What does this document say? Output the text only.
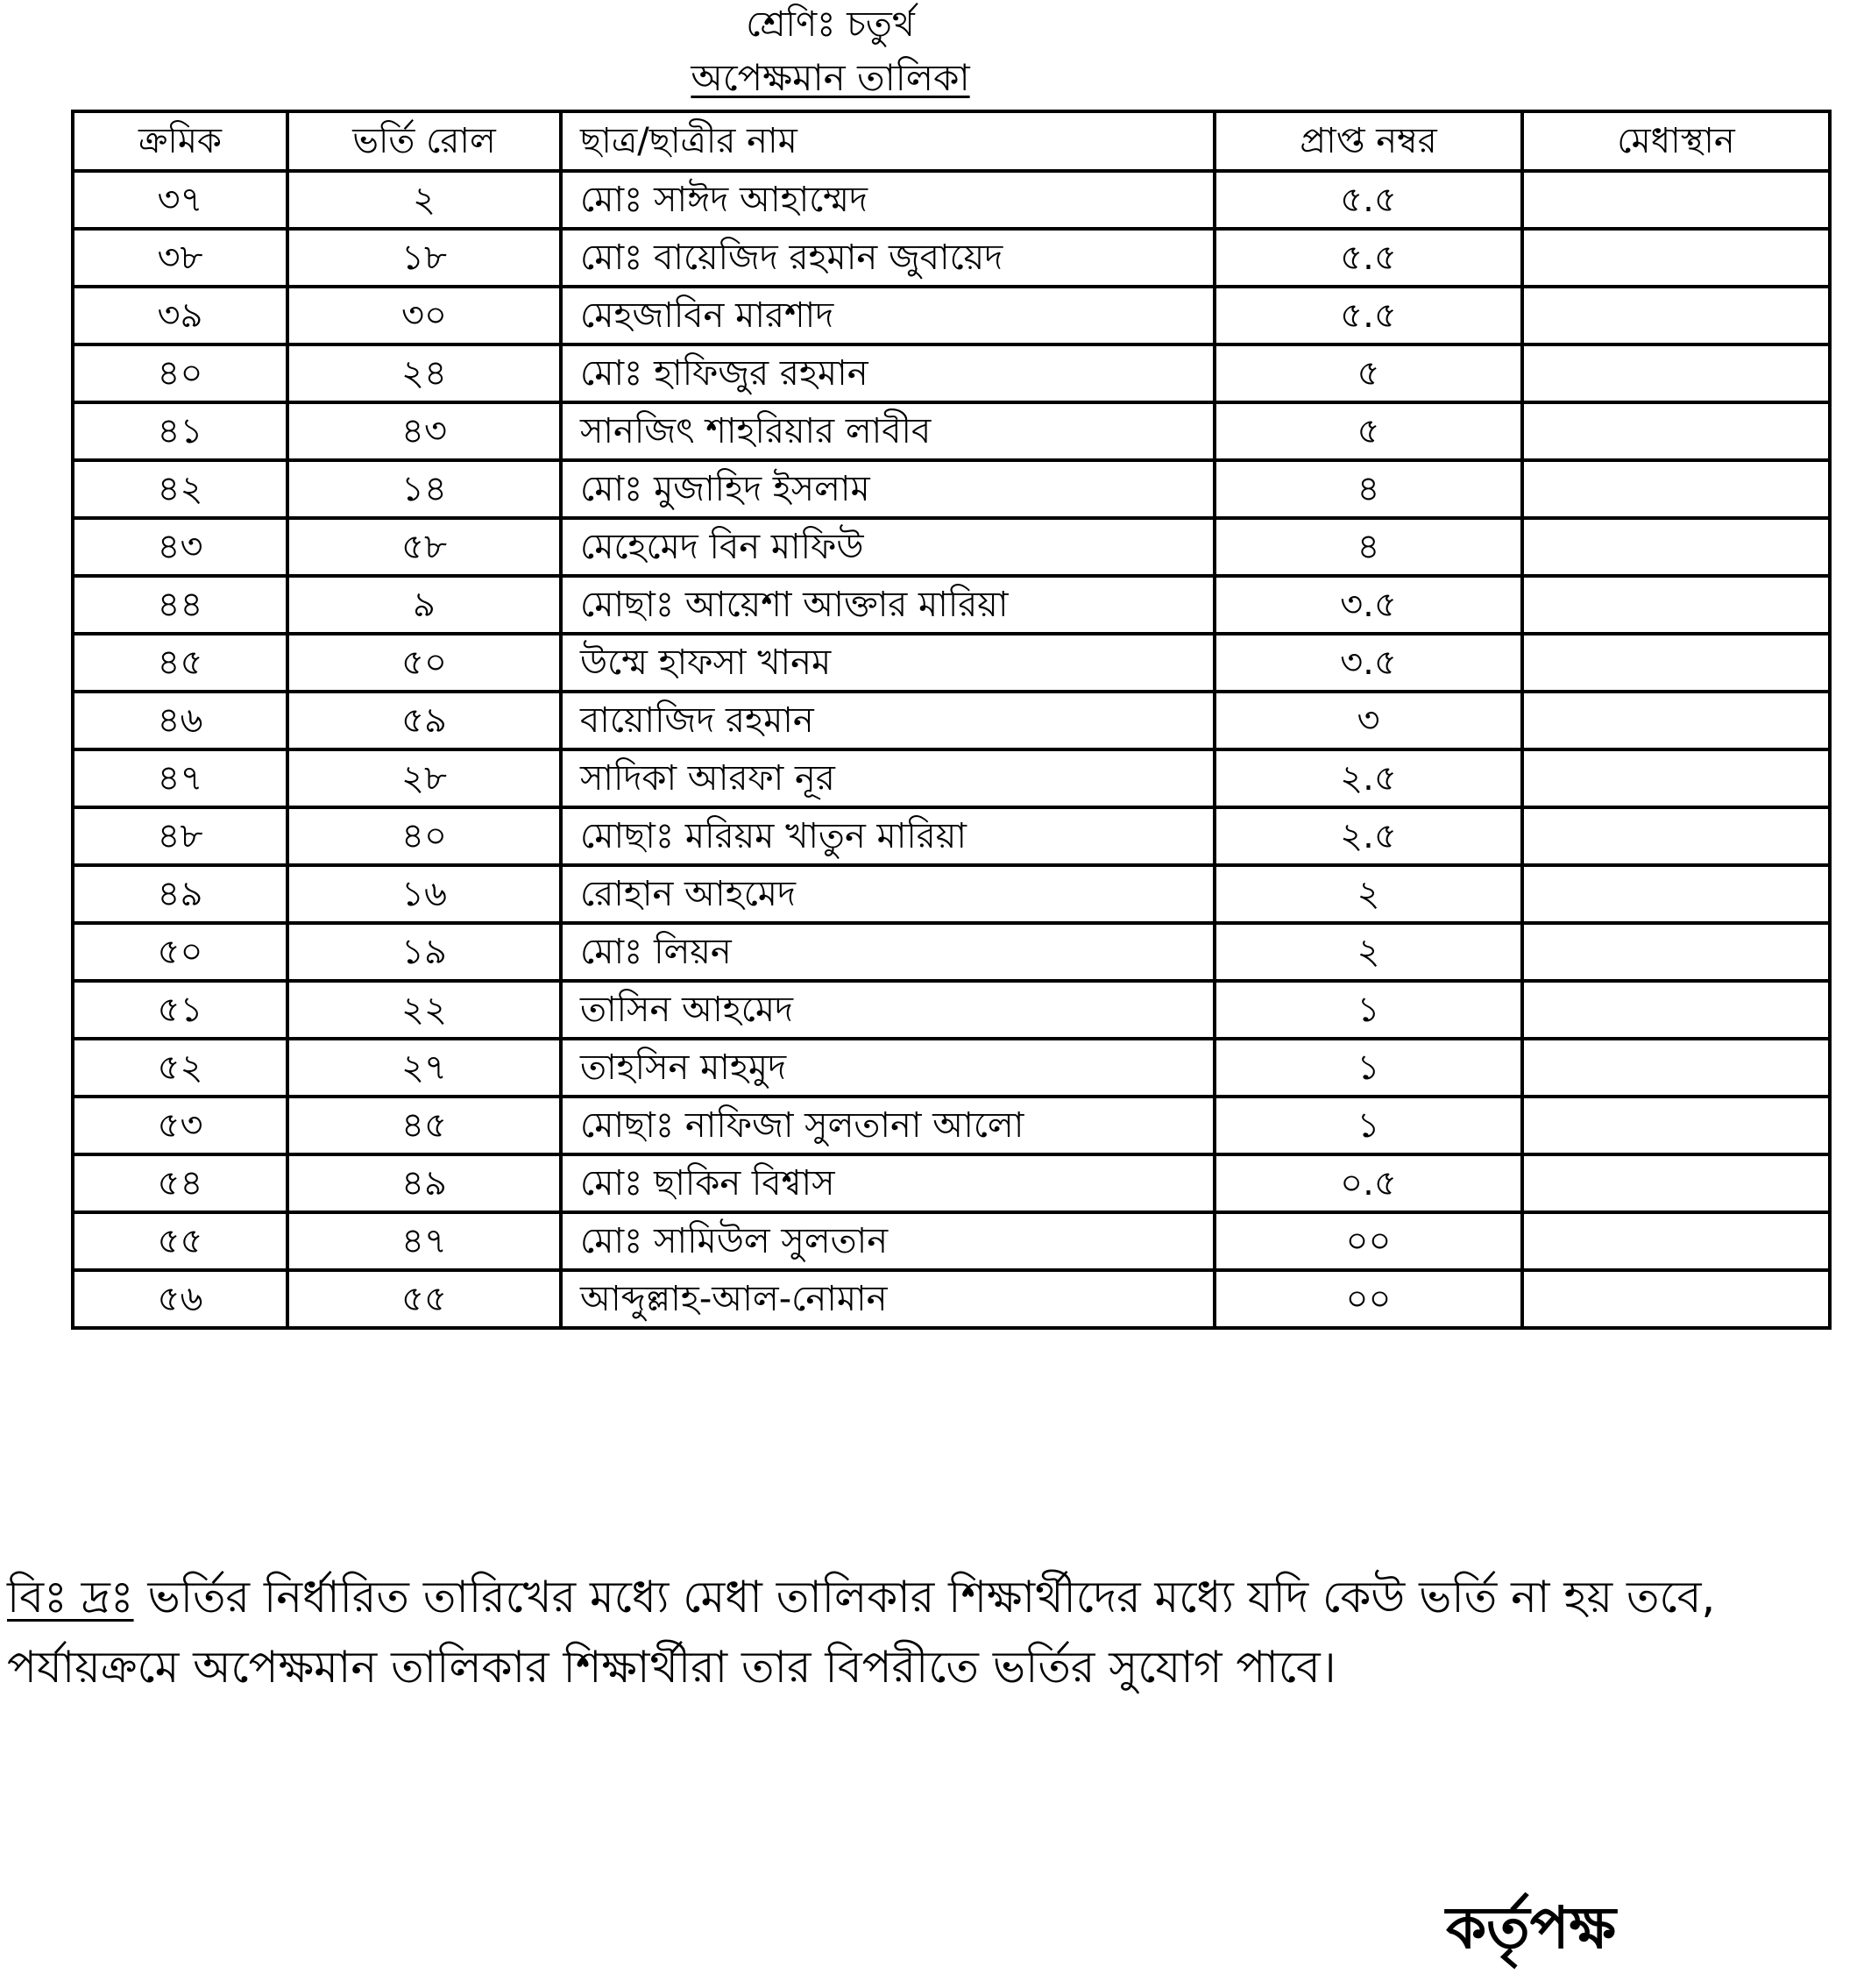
শ্রেণিঃ চতুর্থ
অপেক্ষমান তালিকা
ক্রমিক	ভর্তি রোল	ছাত্র/ছাত্রীর নাম	প্রাপ্ত নম্বর	মেধাস্থান
৩৭	২	মোঃ সাঈদ আহাম্মেদ	৫.৫	
৩৮	১৮	মোঃ বায়েজিদ রহমান জুবায়েদ	৫.৫	
৩৯	৩০	মেহজাবিন মারশাদ	৫.৫	
৪০	২৪	মোঃ হাফিজুর রহমান	৫	
৪১	৪৩	সানজিৎ শাহরিয়ার লাবীব	৫	
৪২	১৪	মোঃ মুজাহিদ ইসলাম	৪	
৪৩	৫৮	মেহেমেদ বিন মাফিউ	৪	
৪৪	৯	মোছাঃ আয়েশা আক্তার মারিয়া	৩.৫	
৪৫	৫০	উম্মে হাফসা খানম	৩.৫	
৪৬	৫৯	বায়োজিদ রহমান	৩	
৪৭	২৮	সাদিকা আরফা নূর	২.৫	
৪৮	৪০	মোছাঃ মরিয়ম খাতুন মারিয়া	২.৫	
৪৯	১৬	রোহান আহমেদ	২	
৫০	১৯	মোঃ লিয়ন	২	
৫১	২২	তাসিন আহমেদ	১	
৫২	২৭	তাহসিন মাহমুদ	১	
৫৩	৪৫	মোছাঃ নাফিজা সুলতানা আলো	১	
৫৪	৪৯	মোঃ ছাকিন বিশ্বাস	০.৫	
৫৫	৪৭	মোঃ সামিউল সুলতান	০০	
৫৬	৫৫	আব্দুল্লাহ-আল-নোমান	০০	
বিঃ দ্রঃ ভর্তির নির্ধারিত তারিখের মধ্যে মেধা তালিকার শিক্ষার্থীদের মধ্যে যদি কেউ ভর্তি না হয় তবে, পর্যায়ক্রমে অপেক্ষমান তালিকার শিক্ষার্থীরা তার বিপরীতে ভর্তির সুযোগ পাবে।
কর্তৃপক্ষ
